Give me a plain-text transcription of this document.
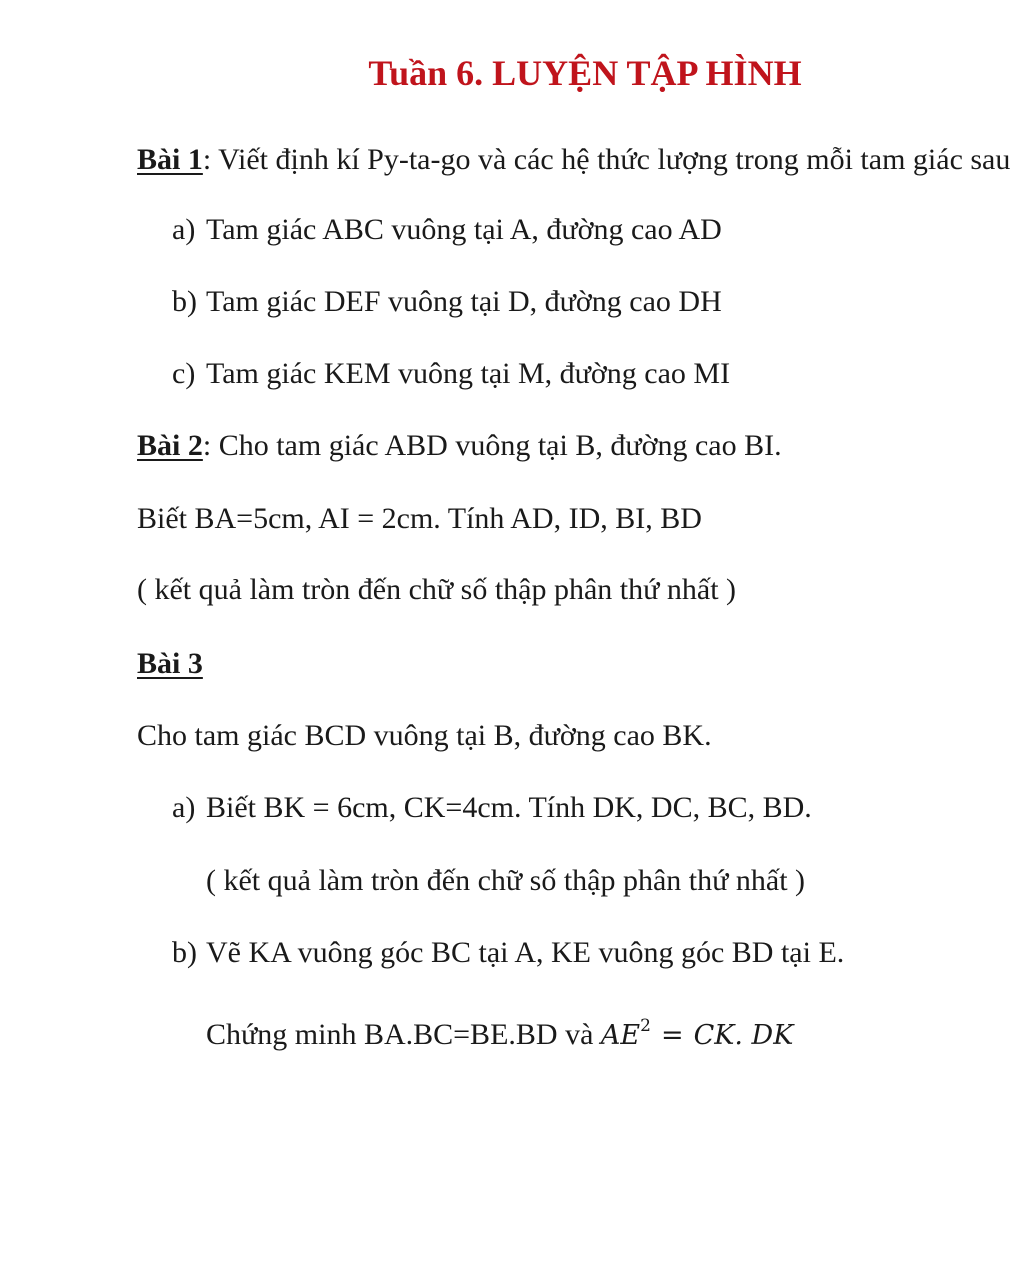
Tuần 6. LUYỆN TẬP HÌNH
Bài 1: Viết định kí Py-ta-go và các hệ thức lượng trong mỗi tam giác sau
a) Tam giác ABC vuông tại A, đường cao AD
b) Tam giác DEF vuông tại D, đường cao DH
c) Tam giác KEM vuông tại M, đường cao MI
Bài 2: Cho tam giác ABD vuông tại B, đường cao BI.
Biết BA=5cm, AI = 2cm. Tính AD, ID, BI, BD
( kết quả làm tròn đến chữ số thập phân thứ nhất )
Bài 3
Cho tam giác BCD vuông tại B, đường cao BK.
a) Biết BK = 6cm, CK=4cm. Tính DK, DC, BC, BD.
( kết quả làm tròn đến chữ số thập phân thứ nhất )
b) Vẽ KA vuông góc BC tại A, KE vuông góc BD tại E.
Chứng minh BA.BC=BE.BD và $AE^2$ = CK. DK
